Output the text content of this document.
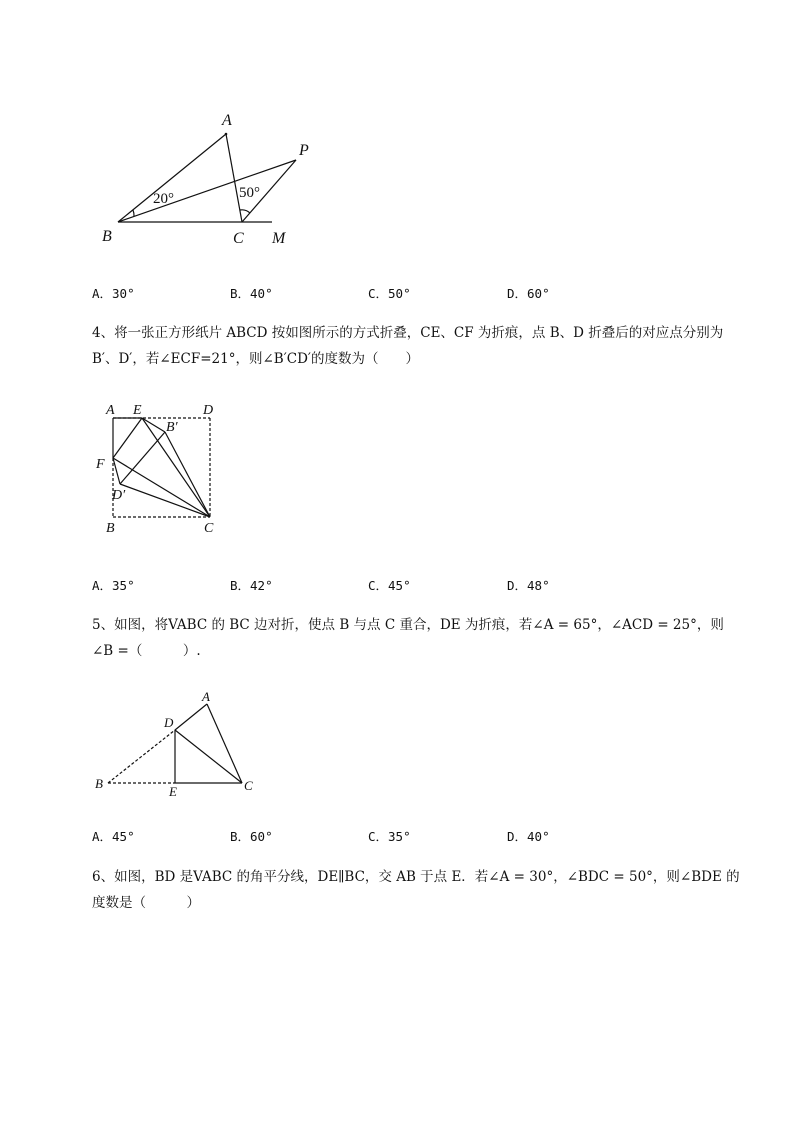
A
P
B	C M
20°	50°
A．30°	B．40°	C．50°	D．60°

4、将一张正方形纸片 ABCD 按如图所示的方式折叠，CE、CF 为折痕，点 B、D 折叠后的对应点分别为

B′、D′，若∠ECF=21°，则∠B′CD′的度数为（　　）

A E	D
B′
F
D′
B	C
A．35°	B．42°	C．45°	D．48°

5、如图，将VABC 的 BC 边对折，使点 B 与点 C 重合，DE 为折痕，若∠A = 65°，∠ACD = 25°，则

∠B =（　　　）.

A
D
B
E	C
A．45°	B．60°	C．35°	D．40°

6、如图，BD 是VABC 的角平分线，DE∥BC，交 AB 于点 E．若∠A = 30°，∠BDC = 50°，则∠BDE 的

度数是（　　　）
